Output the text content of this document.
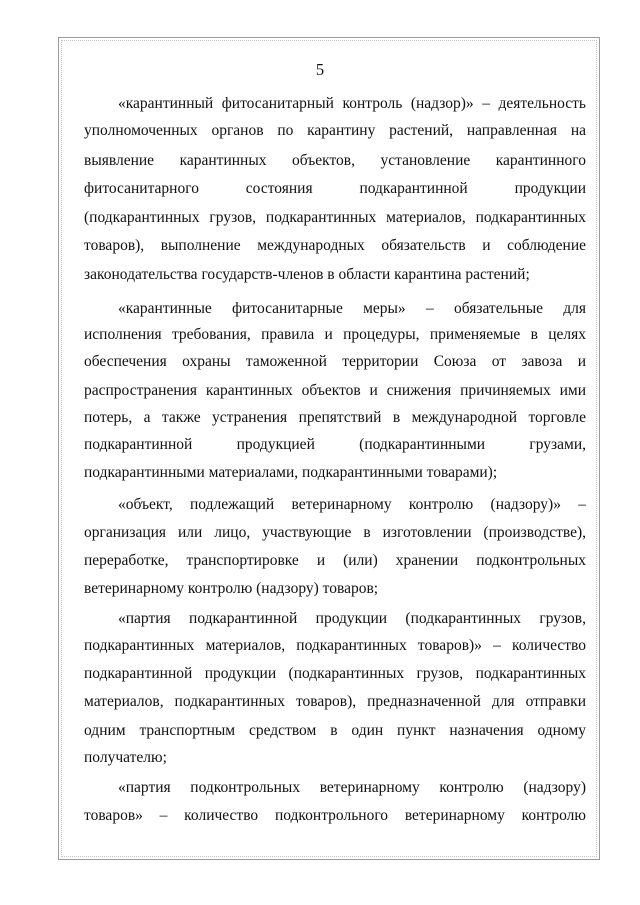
5
«карантинный фитосанитарный контроль (надзор)» – деятельность
уполномоченных органов по карантину растений, направленная на
выявление карантинных объектов, установление карантинного
фитосанитарного состояния подкарантинной продукции
(подкарантинных грузов, подкарантинных материалов, подкарантинных
товаров), выполнение международных обязательств и соблюдение
законодательства государств-членов в области карантина растений;
«карантинные фитосанитарные меры» – обязательные для
исполнения требования, правила и процедуры, применяемые в целях
обеспечения охраны таможенной территории Союза от завоза и
распространения карантинных объектов и снижения причиняемых ими
потерь, а также устранения препятствий в международной торговле
подкарантинной продукцией (подкарантинными грузами,
подкарантинными материалами, подкарантинными товарами);
«объект, подлежащий ветеринарному контролю (надзору)» –
организация или лицо, участвующие в изготовлении (производстве),
переработке, транспортировке и (или) хранении подконтрольных
ветеринарному контролю (надзору) товаров;
«партия подкарантинной продукции (подкарантинных грузов,
подкарантинных материалов, подкарантинных товаров)» – количество
подкарантинной продукции (подкарантинных грузов, подкарантинных
материалов, подкарантинных товаров), предназначенной для отправки
одним транспортным средством в один пункт назначения одному
получателю;
«партия подконтрольных ветеринарному контролю (надзору)
товаров» – количество подконтрольного ветеринарному контролю
